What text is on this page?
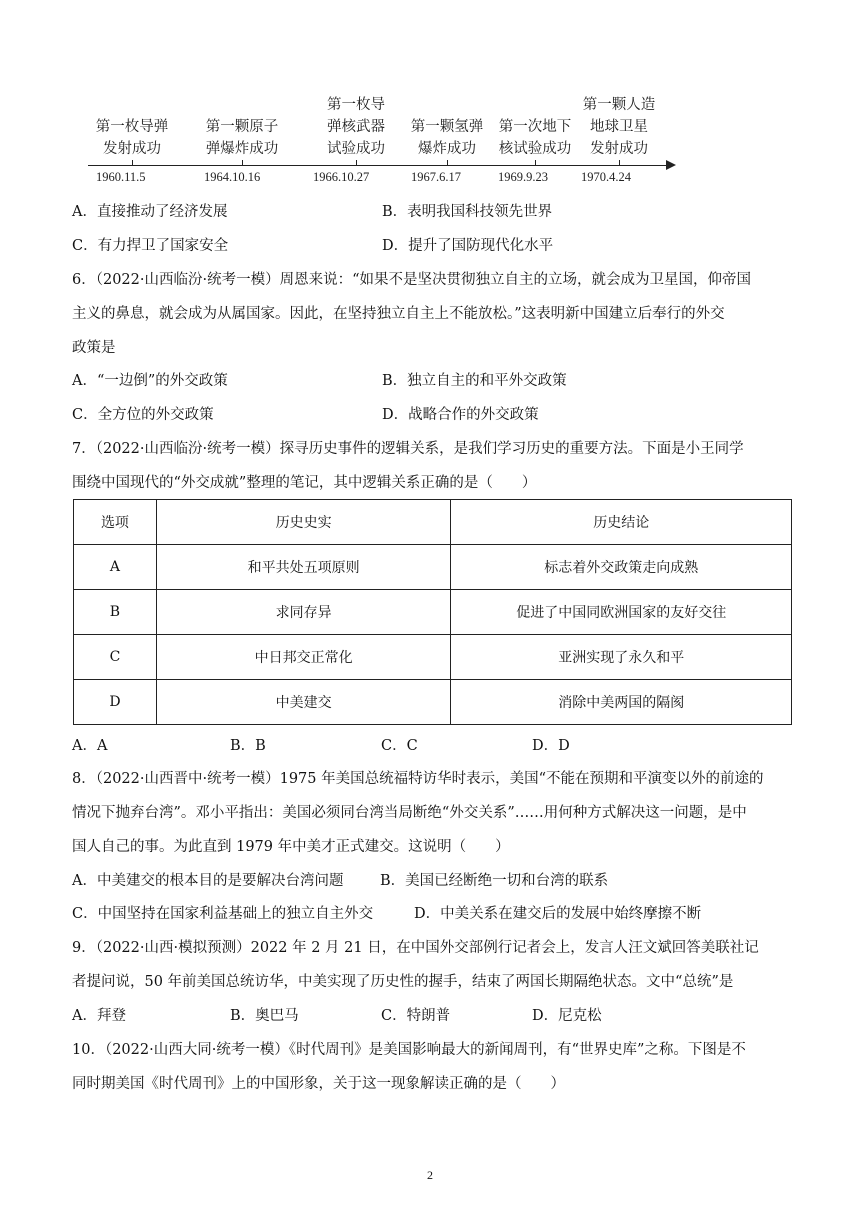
第一枚导弹
发射成功
第一颗原子
弹爆炸成功
第一枚导
弹核武器
试验成功
第一颗氢弹
爆炸成功
第一次地下
核试验成功
第一颗人造
地球卫星
发射成功
1960.11.5	1964.10.16	1966.10.27	1967.6.17	1969.9.23	1970.4.24
A．直接推动了经济发展	B．表明我国科技领先世界
C．有力捍卫了国家安全	D．提升了国防现代化水平
6．（2022·山西临汾·统考一模）周恩来说：“如果不是坚决贯彻独立自主的立场，就会成为卫星国，仰帝国
主义的鼻息，就会成为从属国家。因此，在坚持独立自主上不能放松。”这表明新中国建立后奉行的外交
政策是
A．“一边倒”的外交政策	B．独立自主的和平外交政策
C．全方位的外交政策	D．战略合作的外交政策
7．（2022·山西临汾·统考一模）探寻历史事件的逻辑关系，是我们学习历史的重要方法。下面是小王同学
围绕中国现代的“外交成就”整理的笔记，其中逻辑关系正确的是（　　）
选项	历史史实	历史结论
A	和平共处五项原则	标志着外交政策走向成熟
B	求同存异	促进了中国同欧洲国家的友好交往
C	中日邦交正常化	亚洲实现了永久和平
D	中美建交	消除中美两国的隔阂
A．A	B．B	C．C	D．D
8．（2022·山西晋中·统考一模）1975 年美国总统福特访华时表示，美国“不能在预期和平演变以外的前途的
情况下抛弃台湾”。邓小平指出：美国必须同台湾当局断绝“外交关系”……用何种方式解决这一问题，是中
国人自己的事。为此直到 1979 年中美才正式建交。这说明（　　）
A．中美建交的根本目的是要解决台湾问题	B．美国已经断绝一切和台湾的联系
C．中国坚持在国家利益基础上的独立自主外交	D．中美关系在建交后的发展中始终摩擦不断
9．（2022·山西·模拟预测）2022 年 2 月 21 日，在中国外交部例行记者会上，发言人汪文斌回答美联社记
者提问说，50 年前美国总统访华，中美实现了历史性的握手，结束了两国长期隔绝状态。文中“总统”是
A．拜登	B．奥巴马	C．特朗普	D．尼克松
10．（2022·山西大同·统考一模）《时代周刊》是美国影响最大的新闻周刊，有“世界史库”之称。下图是不
同时期美国《时代周刊》上的中国形象，关于这一现象解读正确的是（　　）
2
